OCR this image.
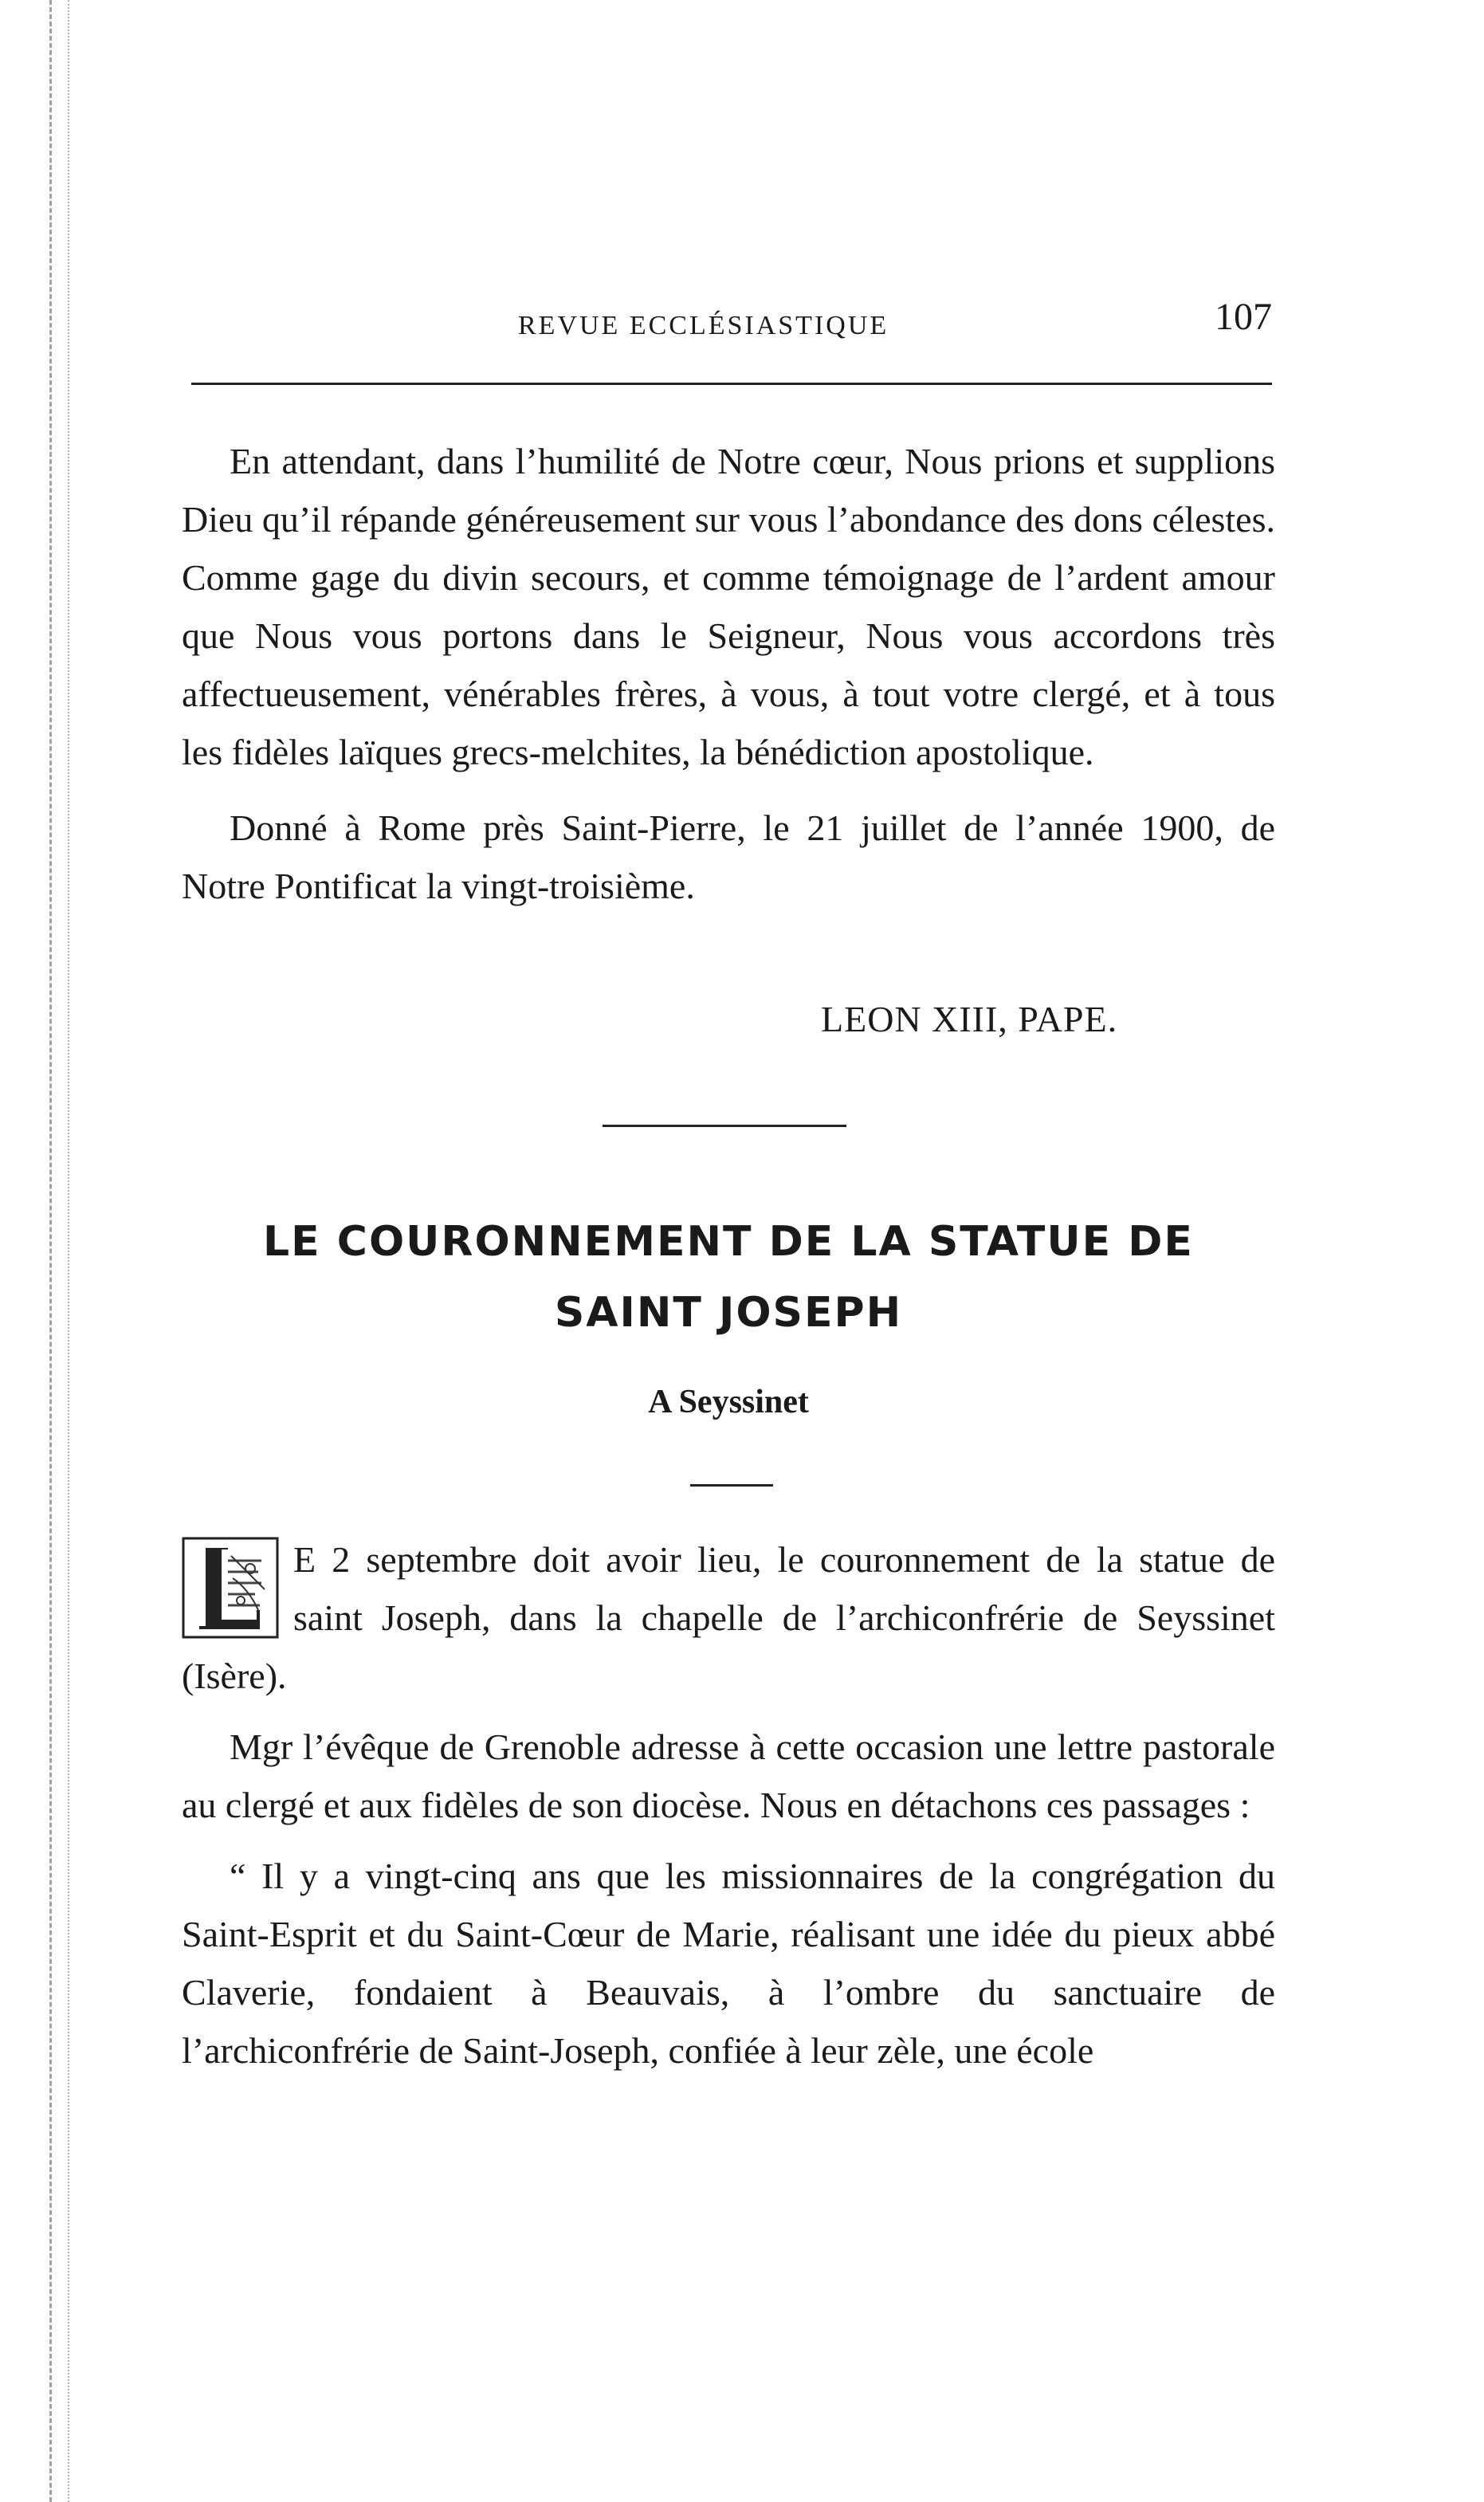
REVUE ECCLÉSIASTIQUE	107

En attendant, dans l’humilité de Notre cœur, Nous prions et supplions Dieu qu’il répande généreusement sur vous l’abondance des dons célestes. Comme gage du divin secours, et comme témoignage de l’ardent amour que Nous vous portons dans le Seigneur, Nous vous accordons très affectueusement, vénérables frères, à vous, à tout votre clergé, et à tous les fidèles laïques grecs-melchites, la bénédiction apostolique.

Donné à Rome près Saint-Pierre, le 21 juillet de l’année 1900, de Notre Pontificat la vingt-troisième.

LEON XIII, PAPE.
LE COURONNEMENT DE LA STATUE DE
SAINT JOSEPH
A Seyssinet

E 2 septembre doit avoir lieu, le couronnement de la statue de saint Joseph, dans la chapelle de l’archiconfrérie de Seyssinet (Isère).

Mgr l’évêque de Grenoble adresse à cette occasion une lettre pastorale au clergé et aux fidèles de son diocèse. Nous en détachons ces passages :

“ Il y a vingt-cinq ans que les missionnaires de la congrégation du Saint-Esprit et du Saint-Cœur de Marie, réalisant une idée du pieux abbé Claverie, fondaient à Beauvais, à l’ombre du sanctuaire de l’archiconfrérie de Saint-Joseph, confiée à leur zèle, une école
